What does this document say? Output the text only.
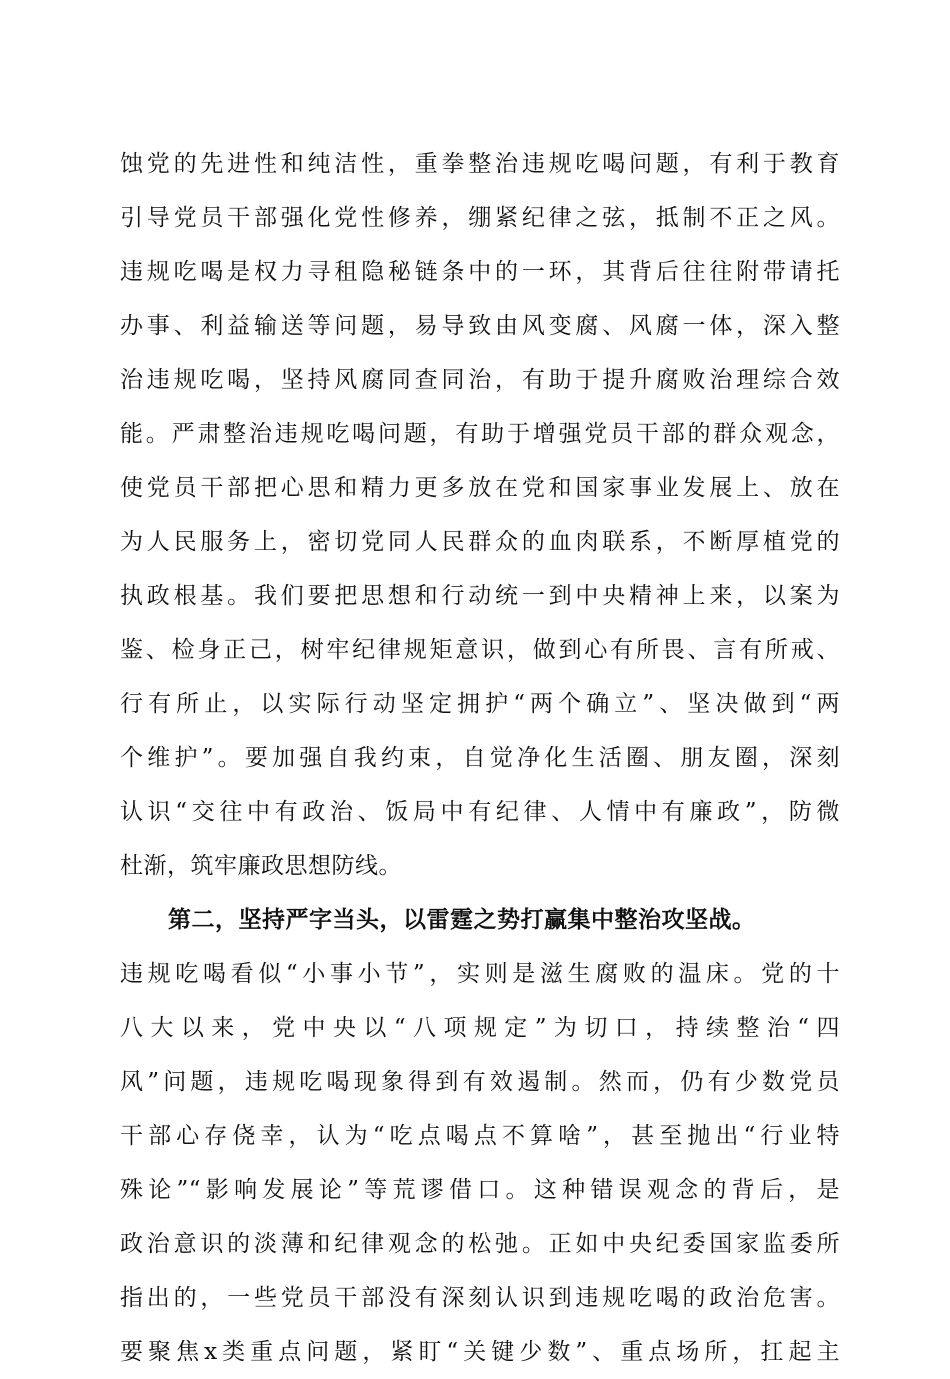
蚀党的先进性和纯洁性，重拳整治违规吃喝问题，有利于教育
引导党员干部强化党性修养，绷紧纪律之弦，抵制不正之风。
违规吃喝是权力寻租隐秘链条中的一环，其背后往往附带请托
办事、利益输送等问题，易导致由风变腐、风腐一体，深入整
治违规吃喝，坚持风腐同查同治，有助于提升腐败治理综合效
能。严肃整治违规吃喝问题，有助于增强党员干部的群众观念，
使党员干部把心思和精力更多放在党和国家事业发展上、放在
为人民服务上，密切党同人民群众的血肉联系，不断厚植党的
执政根基。我们要把思想和行动统一到中央精神上来，以案为
鉴、检身正己，树牢纪律规矩意识，做到心有所畏、言有所戒、
行有所止，以实际行动坚定拥护“两个确立”、坚决做到“两
个维护”。要加强自我约束，自觉净化生活圈、朋友圈，深刻
认识“交往中有政治、饭局中有纪律、人情中有廉政”，防微
杜渐，筑牢廉政思想防线。
第二，坚持严字当头，以雷霆之势打赢集中整治攻坚战。
违规吃喝看似“小事小节”，实则是滋生腐败的温床。党的十
八大以来，党中央以“八项规定”为切口，持续整治“四
风”问题，违规吃喝现象得到有效遏制。然而，仍有少数党员
干部心存侥幸，认为“吃点喝点不算啥”，甚至抛出“行业特
殊论”“影响发展论”等荒谬借口。这种错误观念的背后，是
政治意识的淡薄和纪律观念的松弛。正如中央纪委国家监委所
指出的，一些党员干部没有深刻认识到违规吃喝的政治危害。
要聚焦x类重点问题，紧盯“关键少数”、重点场所，扛起主
